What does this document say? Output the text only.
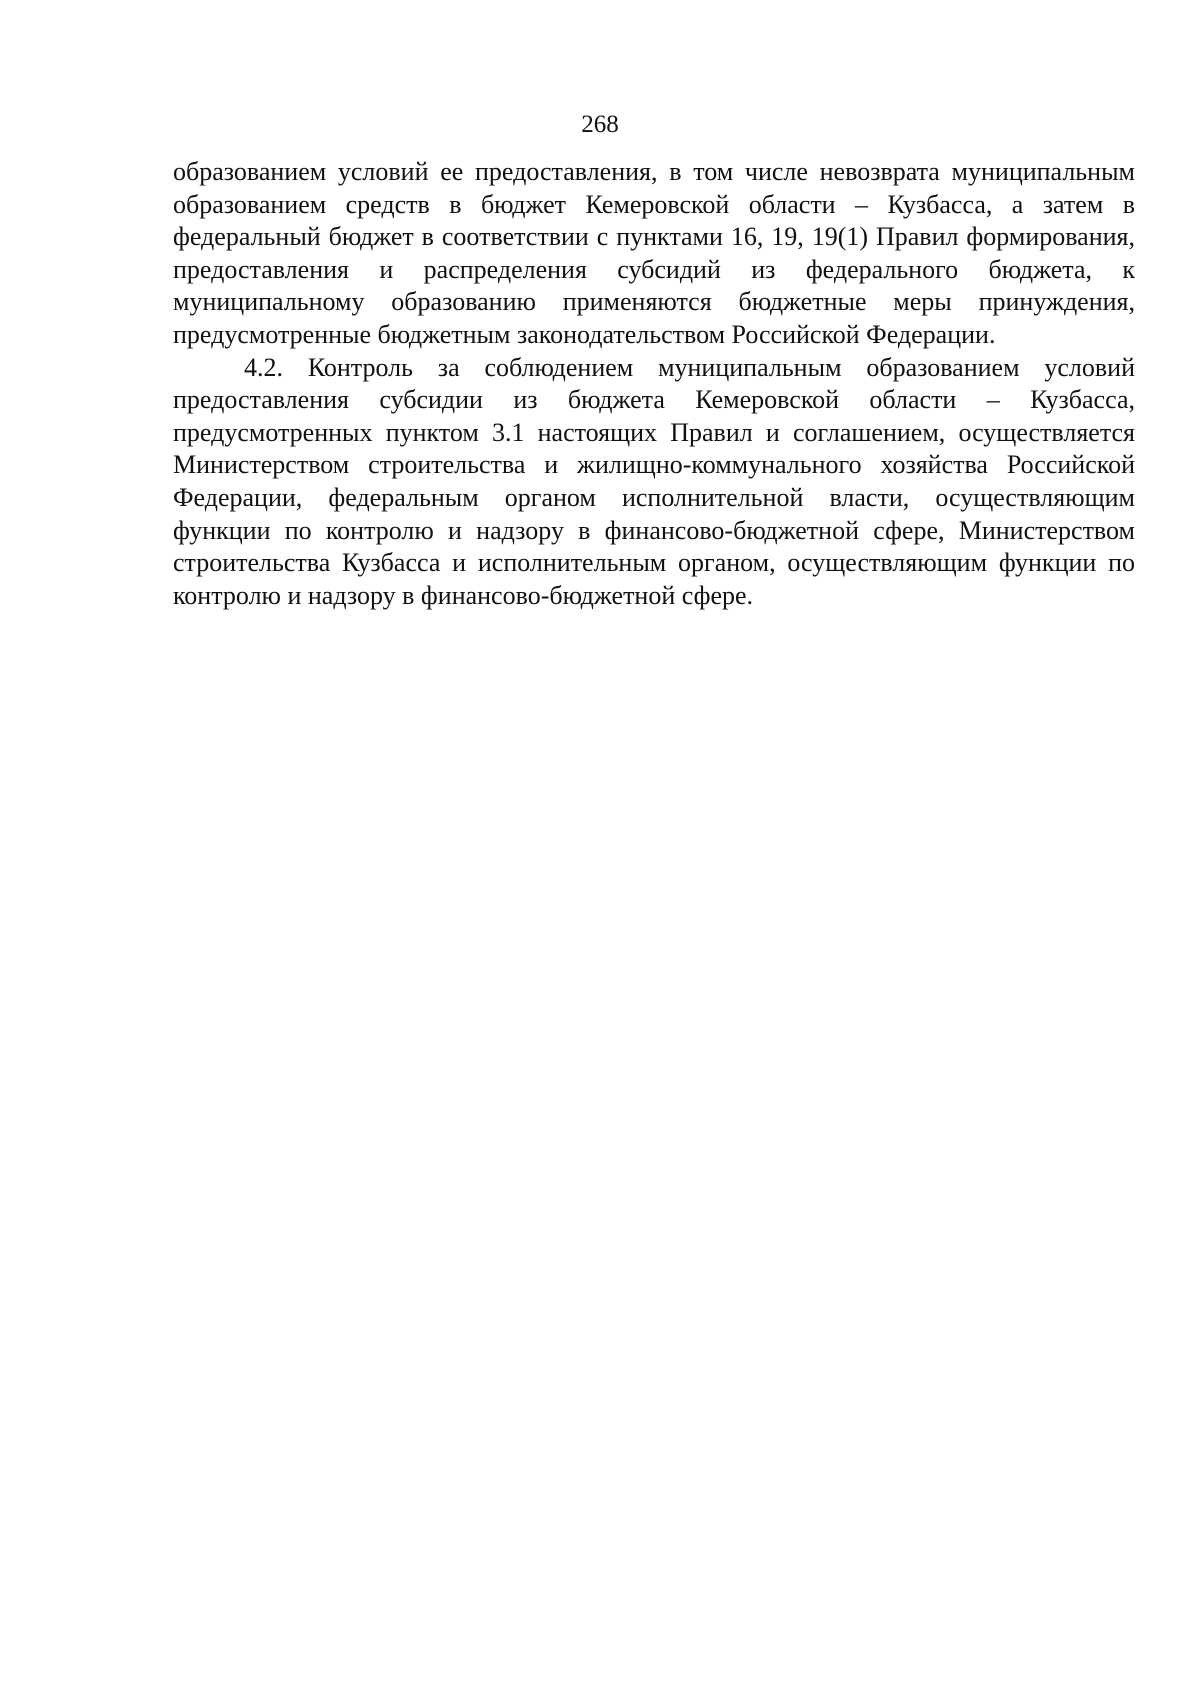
268

образованием условий ее предоставления, в том числе невозврата муниципальным образованием средств в бюджет Кемеровской области – Кузбасса, а затем в федеральный бюджет в соответствии с пунктами 16, 19, 19(1) Правил формирования, предоставления и распределения субсидий из федерального бюджета, к муниципальному образованию применяются бюджетные меры принуждения, предусмотренные бюджетным законодательством Российской Федерации.

4.2. Контроль за соблюдением муниципальным образованием условий предоставления субсидии из бюджета Кемеровской области – Кузбасса, предусмотренных пунктом 3.1 настоящих Правил и соглашением, осуществляется Министерством строительства и жилищно-коммунального хозяйства Российской Федерации, федеральным органом исполнительной власти, осуществляющим функции по контролю и надзору в финансово-бюджетной сфере, Министерством строительства Кузбасса и исполнительным органом, осуществляющим функции по контролю и надзору в финансово-бюджетной сфере.
